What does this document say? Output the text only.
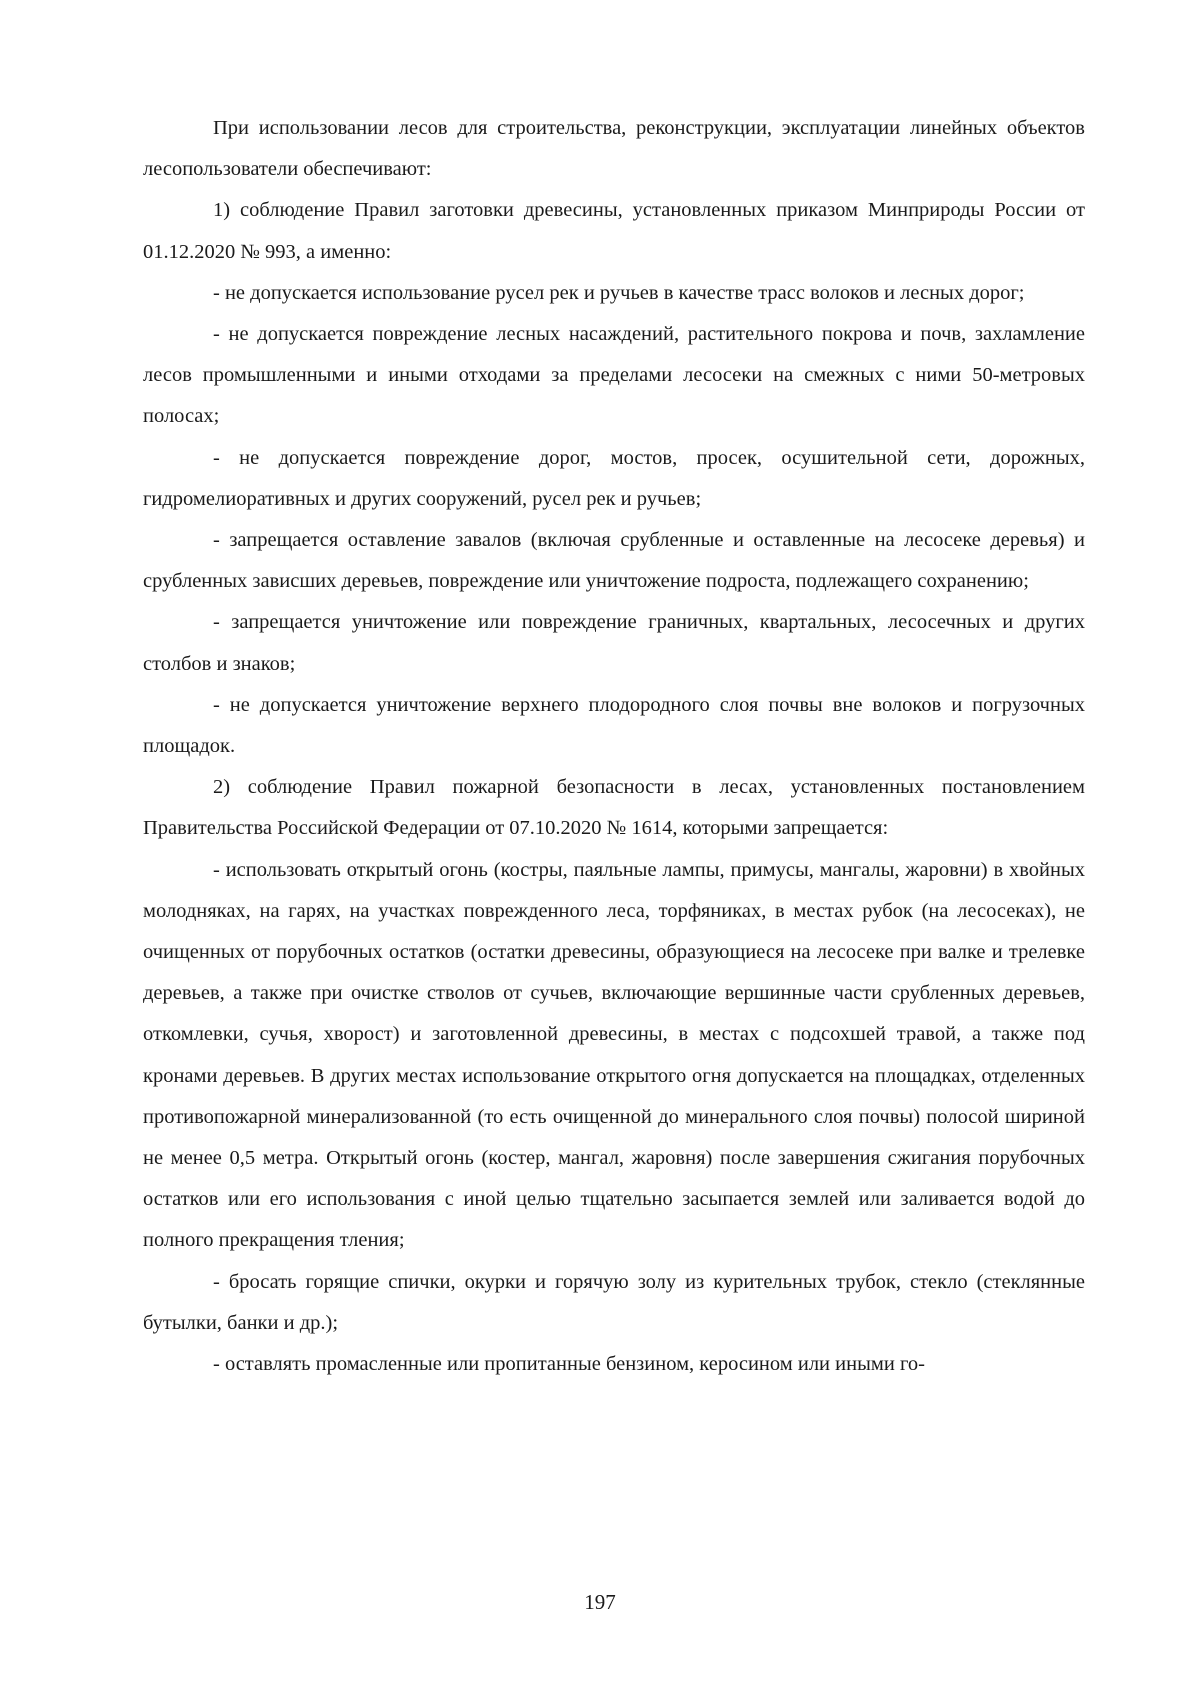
При использовании лесов для строительства, реконструкции, эксплуатации линейных объектов лесопользователи обеспечивают:

1) соблюдение Правил заготовки древесины, установленных приказом Минприроды России от 01.12.2020 № 993, а именно:

- не допускается использование русел рек и ручьев в качестве трасс волоков и лесных дорог;

- не допускается повреждение лесных насаждений, растительного покрова и почв, захламление лесов промышленными и иными отходами за пределами лесосеки на смежных с ними 50-метровых полосах;

- не допускается повреждение дорог, мостов, просек, осушительной сети, дорожных, гидромелиоративных и других сооружений, русел рек и ручьев;

- запрещается оставление завалов (включая срубленные и оставленные на лесосеке деревья) и срубленных зависших деревьев, повреждение или уничтожение подроста, подлежащего сохранению;

- запрещается уничтожение или повреждение граничных, квартальных, лесосечных и других столбов и знаков;

- не допускается уничтожение верхнего плодородного слоя почвы вне волоков и погрузочных площадок.

2) соблюдение Правил пожарной безопасности в лесах, установленных постановлением Правительства Российской Федерации от 07.10.2020 № 1614, которыми запрещается:

- использовать открытый огонь (костры, паяльные лампы, примусы, мангалы, жаровни) в хвойных молодняках, на гарях, на участках поврежденного леса, торфяниках, в местах рубок (на лесосеках), не очищенных от порубочных остатков (остатки древесины, образующиеся на лесосеке при валке и трелевке деревьев, а также при очистке стволов от сучьев, включающие вершинные части срубленных деревьев, откомлевки, сучья, хворост) и заготовленной древесины, в местах с подсохшей травой, а также под кронами деревьев. В других местах использование открытого огня допускается на площадках, отделенных противопожарной минерализованной (то есть очищенной до минерального слоя почвы) полосой шириной не менее 0,5 метра. Открытый огонь (костер, мангал, жаровня) после завершения сжигания порубочных остатков или его использования с иной целью тщательно засыпается землей или заливается водой до полного прекращения тления;

- бросать горящие спички, окурки и горячую золу из курительных трубок, стекло (стеклянные бутылки, банки и др.);

- оставлять промасленные или пропитанные бензином, керосином или иными го-

197
